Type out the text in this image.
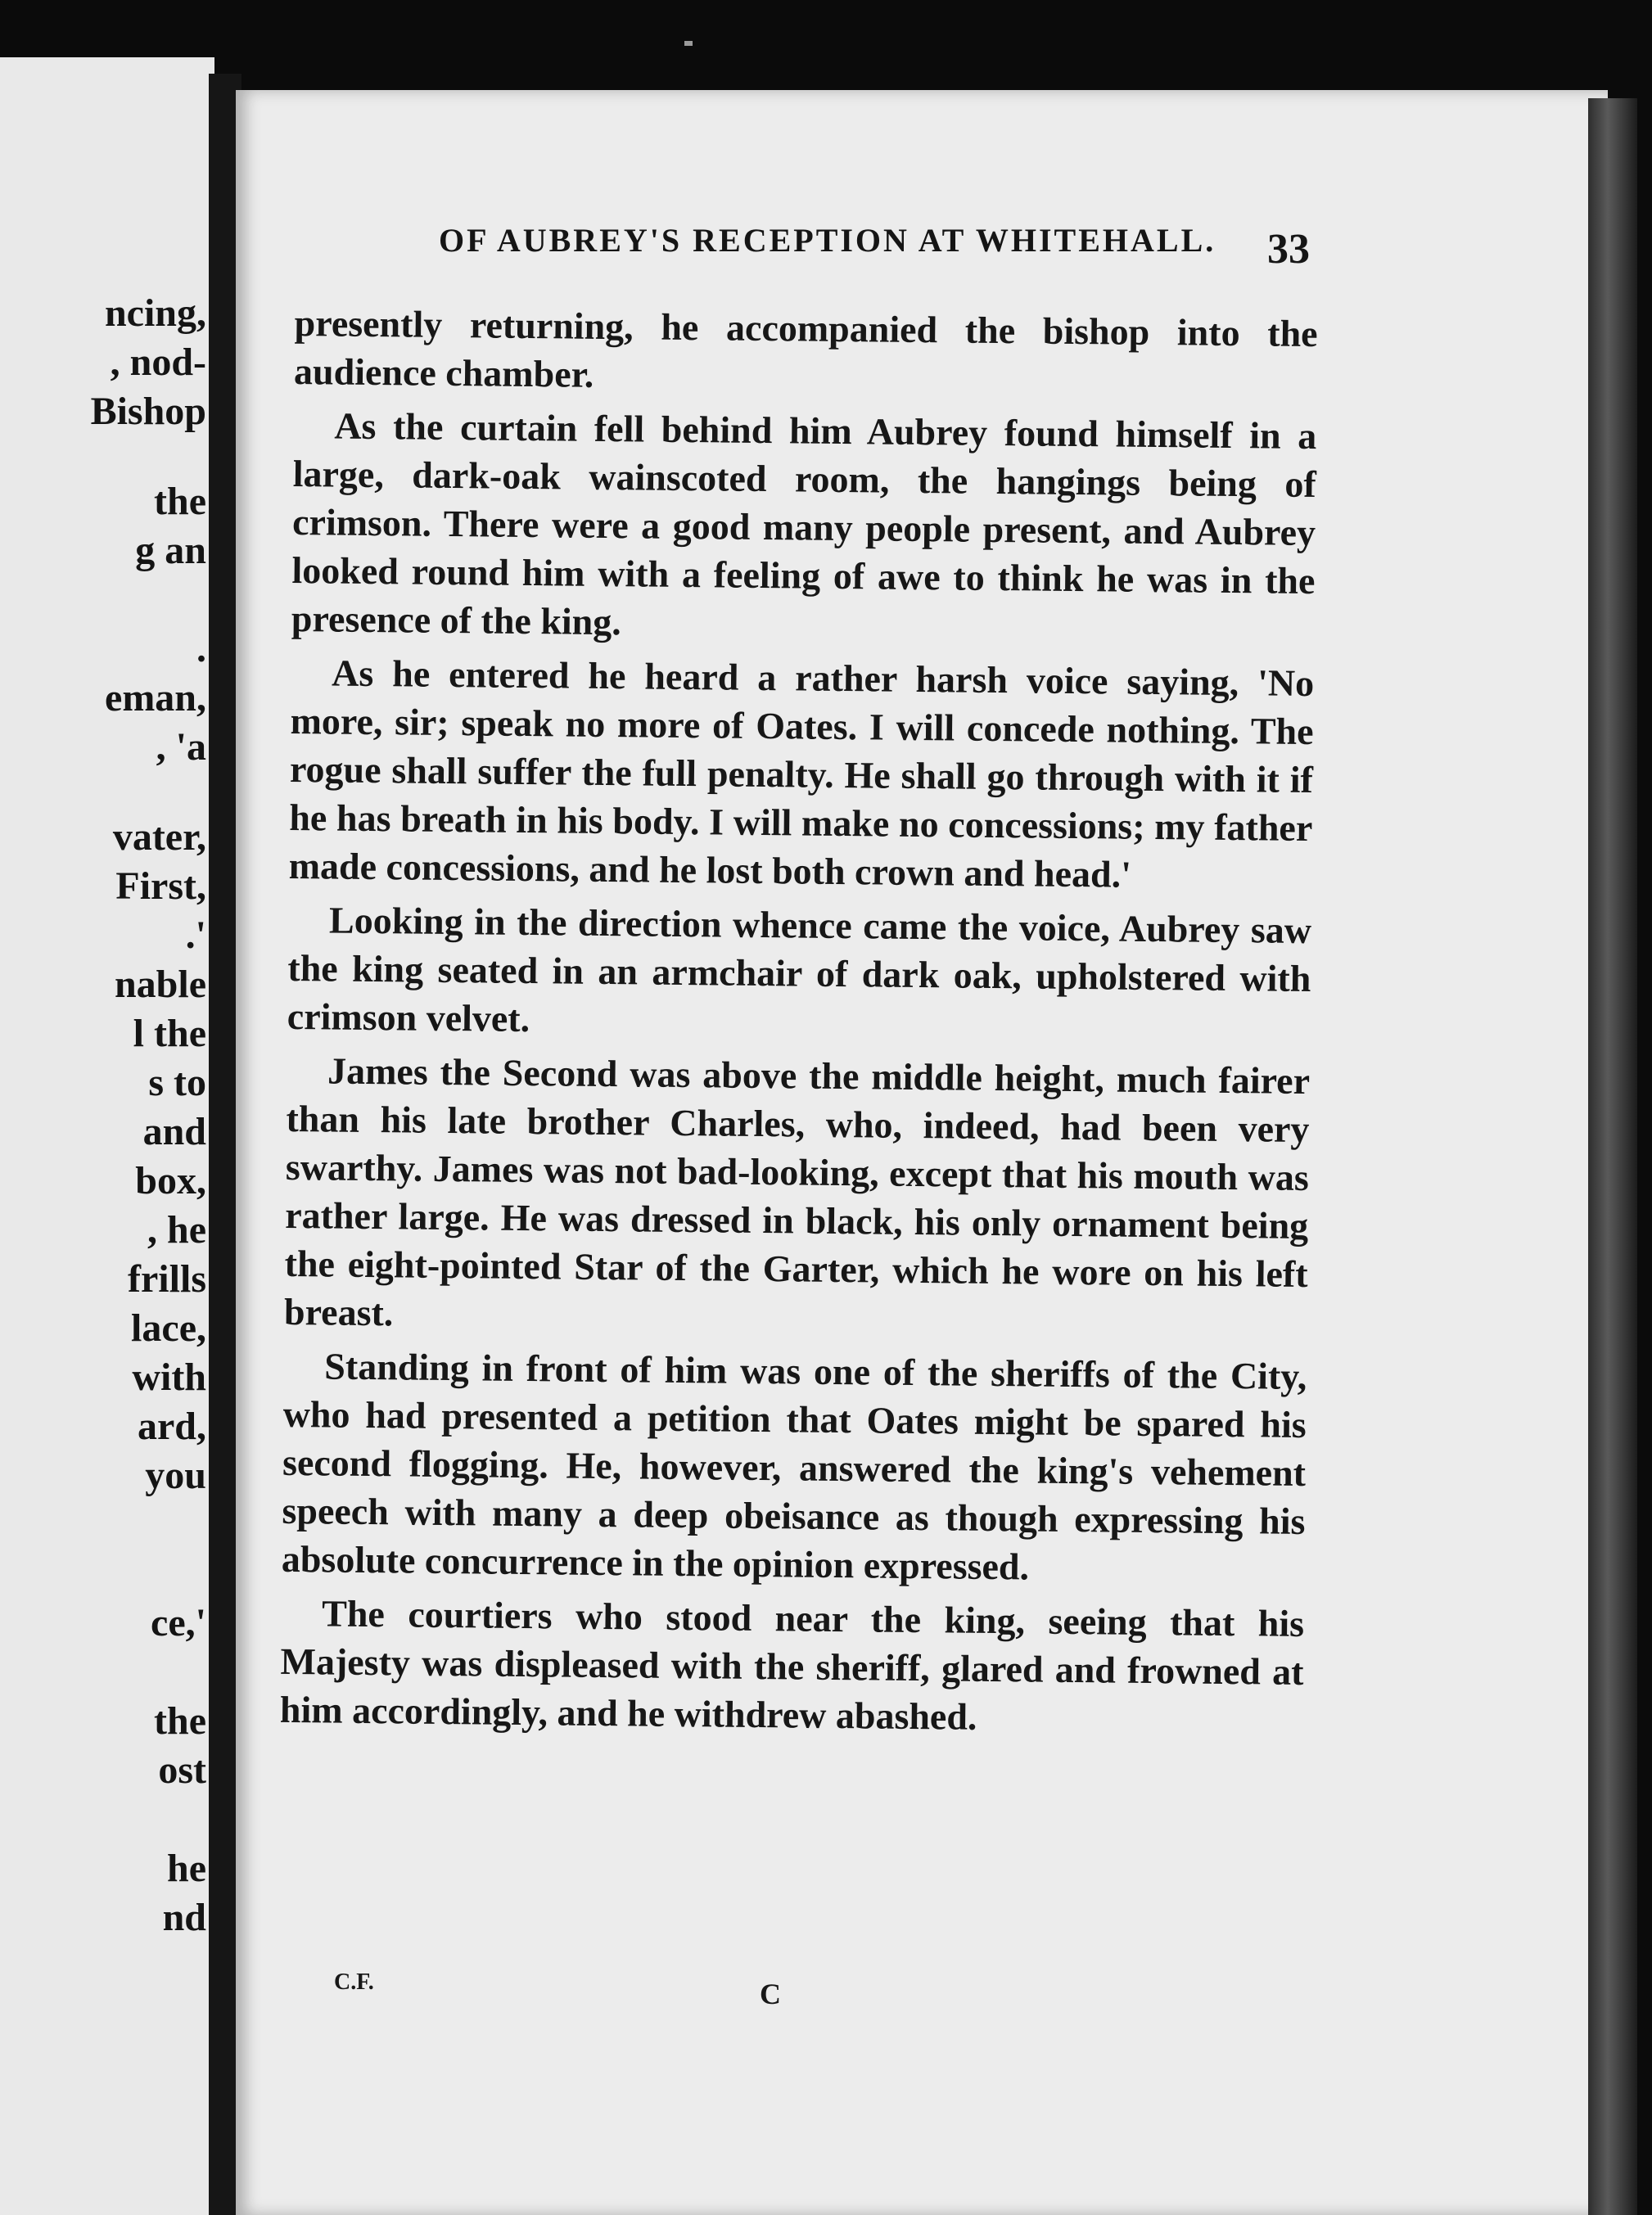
ncing,
, nod-
Bishop
the
g an
.
eman,
, 'a
vater,
First,
.'
nable
l the
s to
and
box,
, he
frills
lace,
with
ard,
you
ce,'
the
ost
he
nd
OF AUBREY'S RECEPTION AT WHITEHALL. 33

presently returning, he accompanied the bishop into the audience chamber.

As the curtain fell behind him Aubrey found himself in a large, dark-oak wainscoted room, the hangings being of crimson. There were a good many people present, and Aubrey looked round him with a feeling of awe to think he was in the presence of the king.

As he entered he heard a rather harsh voice saying, 'No more, sir; speak no more of Oates. I will concede nothing. The rogue shall suffer the full penalty. He shall go through with it if he has breath in his body. I will make no concessions; my father made concessions, and he lost both crown and head.'

Looking in the direction whence came the voice, Aubrey saw the king seated in an armchair of dark oak, upholstered with crimson velvet.

James the Second was above the middle height, much fairer than his late brother Charles, who, indeed, had been very swarthy. James was not bad-looking, except that his mouth was rather large. He was dressed in black, his only ornament being the eight-pointed Star of the Garter, which he wore on his left breast.

Standing in front of him was one of the sheriffs of the City, who had presented a petition that Oates might be spared his second flogging. He, however, answered the king's vehement speech with many a deep obeisance as though expressing his absolute concurrence in the opinion expressed.

The courtiers who stood near the king, seeing that his Majesty was displeased with the sheriff, glared and frowned at him accordingly, and he withdrew abashed.

C.F.	C
